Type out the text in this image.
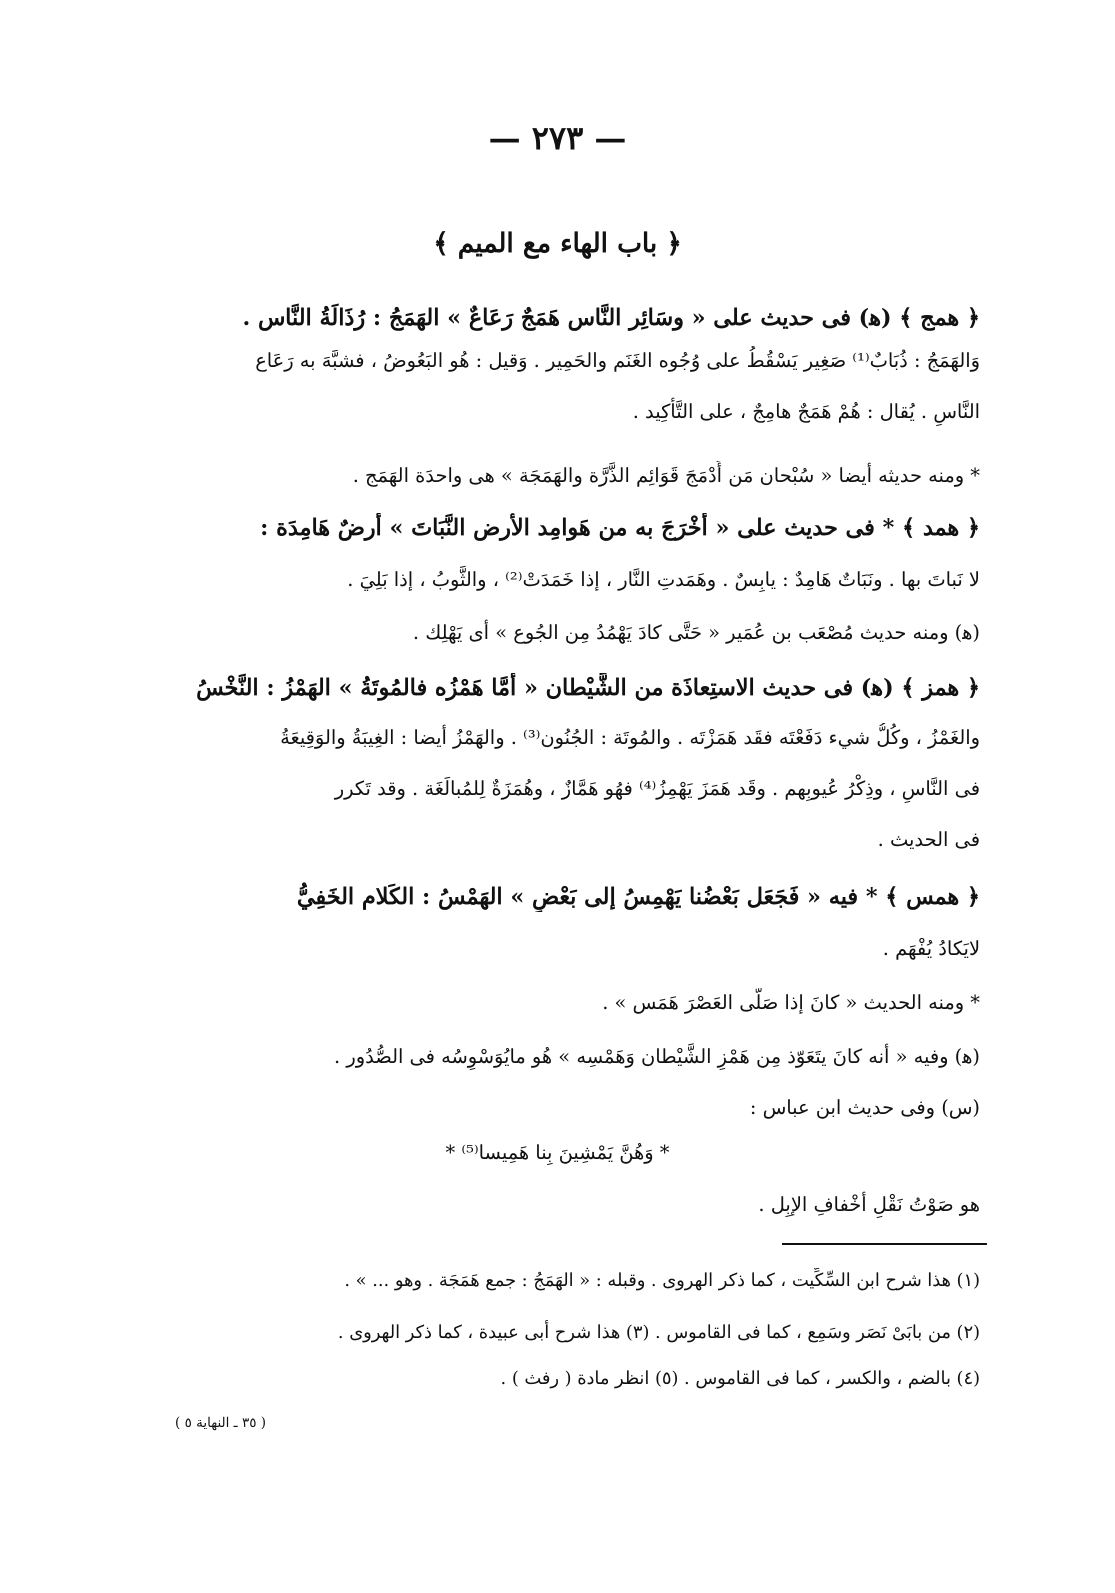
— ٢٧٣ —
﴿ باب الهاء مع الميم ﴾
﴿ همج ﴾ (ﻫ) فى حديث على « وسَائِر النَّاس هَمَجٌ رَعَاعٌ » الهَمَجُ : رُذَالَةُ النَّاس .
وَالهَمَجُ : ذُبَابٌ⁽¹⁾ صَغِير يَسْقُطُ على وُجُوه الغَنَم والحَمِير . وَقيل : هُو البَعُوضُ ، فشبَّهَ به رَعَاع
النَّاسِ . يُقال : هُمْ هَمَجٌ هامِجٌ ، على التَّأْكِيد .
* ومنه حديثه أيضا « سُبْحان مَن أَدْمَجَ قَوَائِم الذَّرَّة والهَمَجَة » هى واحدَة الهَمَج .
﴿ همد ﴾ * فى حديث على « أَخْرَجَ به من هَوامِد الأرض النَّبَاتَ » أرضٌ هَامِدَة :
لا نَباتَ بها . ونَبَاتٌ هَامِدٌ : يابِسٌ . وهَمَدتِ النَّار ، إذا خَمَدَتْ⁽²⁾ ، والثَّوبُ ، إذا بَلِيَ .
(ﻫ) ومنه حديث مُصْعَب بن عُمَير « حَتَّى كادَ يَهْمُدُ مِن الجُوع » أى يَهْلِك .
﴿ همز ﴾ (ﻫ) فى حديث الاستِعاذَة من الشَّيْطان « أمَّا هَمْزُه فالمُوتَةُ » الهَمْزُ : النَّخْسُ
والغَمْزُ ، وكُلُّ شيء دَفَعْتَه فقَد هَمَزْتَه . والمُوتَة : الجُنُون⁽³⁾ . والهَمْزُ أيضا : الغِيبَةُ والوَقِيعَةُ
فى النَّاسِ ، وذِكْرُ عُيوبِهم . وقَد هَمَزَ يَهْمِزُ⁽⁴⁾ فهُو هَمَّازٌ ، وهُمَزَةٌ لِلمُبالَغَة . وقد تَكرر
فى الحديث .
﴿ همس ﴾ * فيه « فَجَعَل بَعْضُنا يَهْمِسُ إلى بَعْضٍ » الهَمْسُ : الكَلام الخَفِيُّ
لايَكادُ يُفْهَم .
* ومنه الحديث « كانَ إذا صَلَّى العَصْرَ هَمَس » .
(ﻫ) وفيه « أنه كانَ يتَعَوّذ مِن هَمْزِ الشَّيْطان وَهَمْسِه » هُو مايُوَسْوِسُه فى الصُّدُور .
(س) وفى حديث ابن عباس :
* وَهُنَّ يَمْشِينَ بِنا هَمِيسا⁽⁵⁾ *
هو صَوْتُ نَقْلِ أخْفافِ الإبِل .
(١) هذا شرح ابن السِّكِّيت ، كما ذكر الهروى . وقبله : « الهَمَجُ : جمع هَمَجَة . وهو ... » .
(٢) من بابَىْ نَصَر وسَمِع ، كما فى القاموس . (٣) هذا شرح أبى عبيدة ، كما ذكر الهروى .
(٤) بالضم ، والكسر ، كما فى القاموس . (٥) انظر مادة ( رفث ) .
( ٣٥ ـ النهاية ٥ )
